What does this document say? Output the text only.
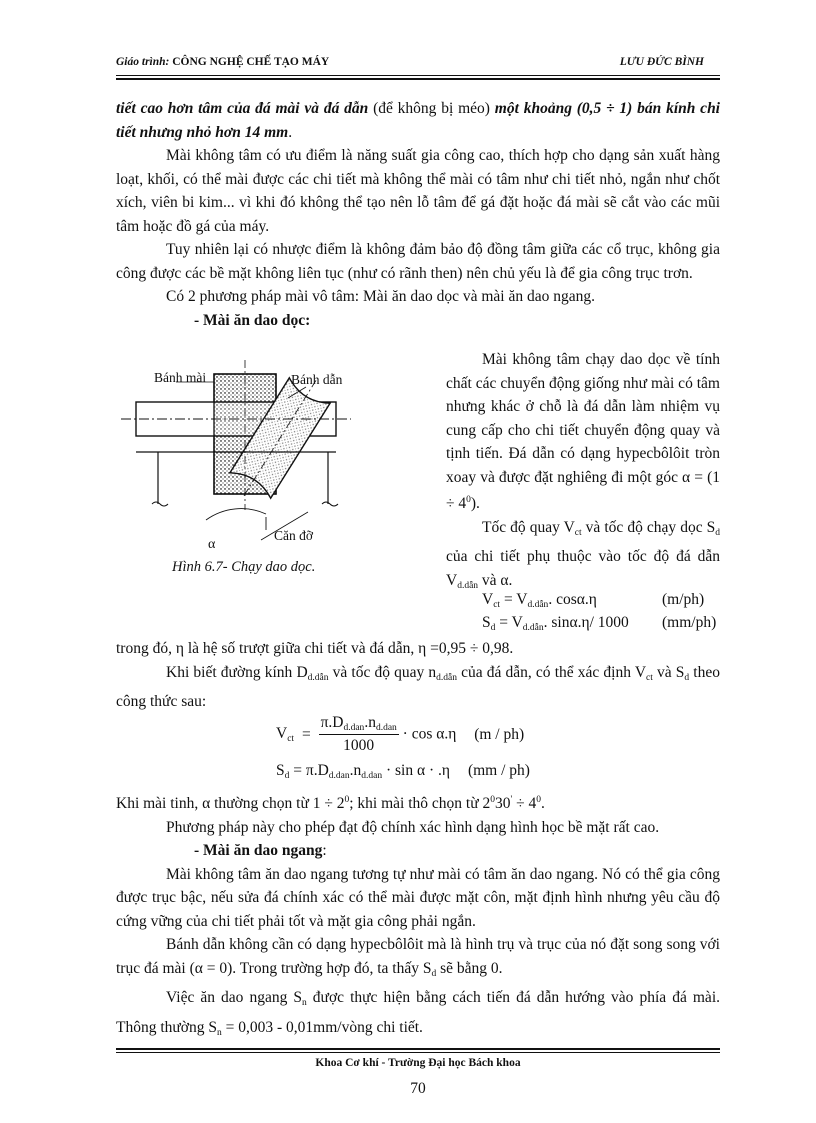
Giáo trình: CÔNG NGHỆ CHẾ TẠO MÁY	LƯU ĐỨC BÌNH
tiết cao hơn tâm của đá mài và đá dẫn (để không bị méo) một khoảng (0,5 ÷ 1) bán kính chi tiết nhưng nhỏ hơn 14 mm.
Mài không tâm có ưu điểm là năng suất gia công cao, thích hợp cho dạng sản xuất hàng loạt, khối, có thể mài được các chi tiết mà không thể mài có tâm như chi tiết nhỏ, ngắn như chốt xích, viên bi kim... vì khi đó không thể tạo nên lỗ tâm để gá đặt hoặc đá mài sẽ cắt vào các mũi tâm hoặc đồ gá của máy.
Tuy nhiên lại có nhược điểm là không đảm bảo độ đồng tâm giữa các cổ trục, không gia công được các bề mặt không liên tục (như có rãnh then) nên chủ yếu là để gia công trục trơn.
Có 2 phương pháp mài vô tâm: Mài ăn dao dọc và mài ăn dao ngang.
- Mài ăn dao dọc:
Bánh mài	Bánh dẫn
Căn đỡ
α
Hình 6.7- Chạy dao dọc.
Mài không tâm chạy dao dọc về tính chất các chuyển động giống như mài có tâm nhưng khác ở chỗ là đá dẫn làm nhiệm vụ cung cấp cho chi tiết chuyển động quay và tịnh tiến. Đá dẫn có dạng hypecbôlôit tròn xoay và được đặt nghiêng đi một góc $\alpha = (1 \div 4^0)$.
Tốc độ quay $V_{ct}$ và tốc độ chạy dọc $S_d$ của chi tiết phụ thuộc vào tốc độ đá dẫn $V_{d.dẫn}$ và α.
$V_{ct} = V_{d.dẫn}$. cosα.η	(m/ph)
$S_d = V_{d.dẫn}$. sinα.η/ 1000 (mm/ph)
trong đó, η là hệ số trượt giữa chi tiết và đá dẫn, η =0,95 ÷ 0,98.
Khi biết đường kính $D_{d.dẫn}$ và tốc độ quay $n_{d.dẫn}$ của đá dẫn, có thể xác định $V_{ct}$ và $S_d$ theo công thức sau:
$V_{ct} = \frac{\pi.D_{d.dan}.n_{d.dan}}{1000} \cdot \cos \alpha.\eta$ (m / ph)
$S_d = \pi.D_{d.dan}.n_{d.dan} \cdot \sin \alpha \cdot .\eta$ (mm / ph)
Khi mài tinh, α thường chọn từ $1 \div 2^0$; khi mài thô chọn từ $2^030' \div 4^0$.
Phương pháp này cho phép đạt độ chính xác hình dạng hình học bề mặt rất cao.
- Mài ăn dao ngang:
Mài không tâm ăn dao ngang tương tự như mài có tâm ăn dao ngang. Nó có thể gia công được trục bậc, nếu sửa đá chính xác có thể mài được mặt côn, mặt định hình nhưng yêu cầu độ cứng vững của chi tiết phải tốt và mặt gia công phải ngắn.
Bánh dẫn không cần có dạng hypecbôlôit mà là hình trụ và trục của nó đặt song song với trục đá mài (α = 0). Trong trường hợp đó, ta thấy $S_d$ sẽ bằng 0.
Việc ăn dao ngang $S_n$ được thực hiện bằng cách tiến đá dẫn hướng vào phía đá mài. Thông thường $S_n = 0,003$ - 0,01mm/vòng chi tiết.
Khoa Cơ khí - Trường Đại học Bách khoa
70
